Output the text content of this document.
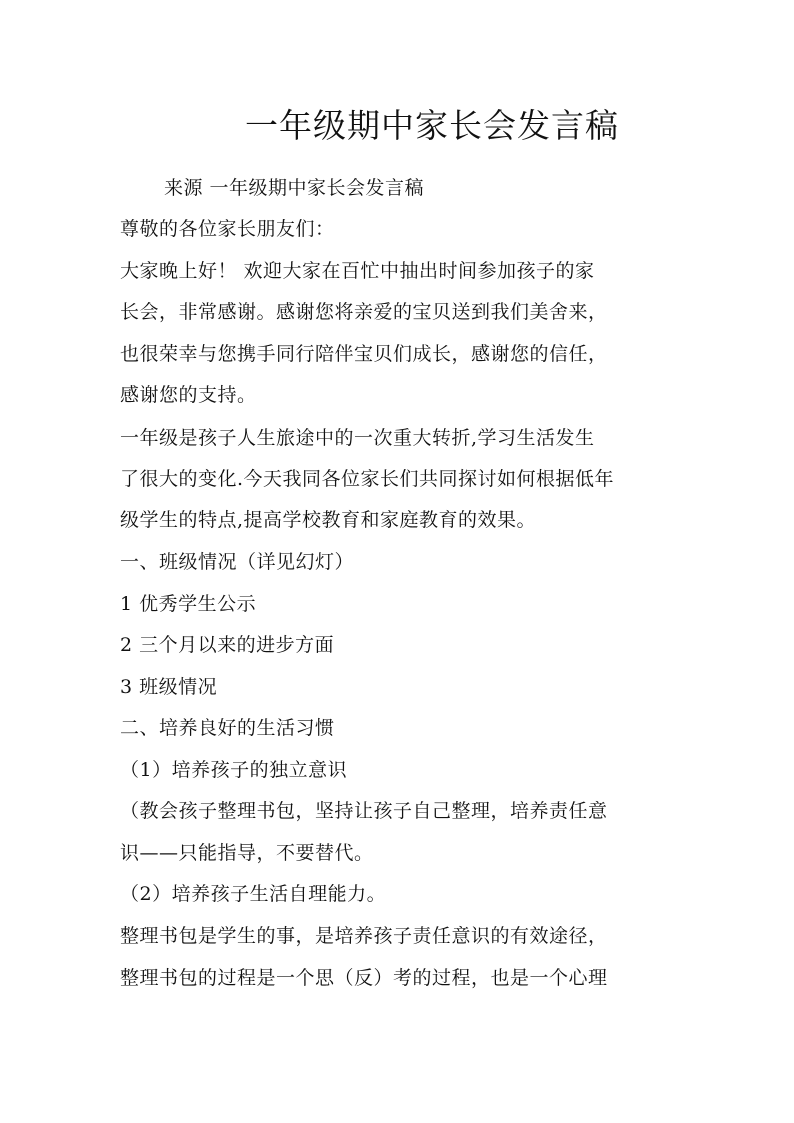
一年级期中家长会发言稿
来源 一年级期中家长会发言稿
尊敬的各位家长朋友们：
大家晚上好！ 欢迎大家在百忙中抽出时间参加孩子的家
长会，非常感谢。感谢您将亲爱的宝贝送到我们美舍来，
也很荣幸与您携手同行陪伴宝贝们成长，感谢您的信任，
感谢您的支持。
一年级是孩子人生旅途中的一次重大转折,学习生活发生
了很大的变化.今天我同各位家长们共同探讨如何根据低年
级学生的特点,提高学校教育和家庭教育的效果。
一、班级情况（详见幻灯）
1 优秀学生公示
2 三个月以来的进步方面
3 班级情况
二、培养良好的生活习惯
（1）培养孩子的独立意识
（教会孩子整理书包，坚持让孩子自己整理，培养责任意
识——只能指导，不要替代。
（2）培养孩子生活自理能力。
整理书包是学生的事，是培养孩子责任意识的有效途径，
整理书包的过程是一个思（反）考的过程，也是一个心理
